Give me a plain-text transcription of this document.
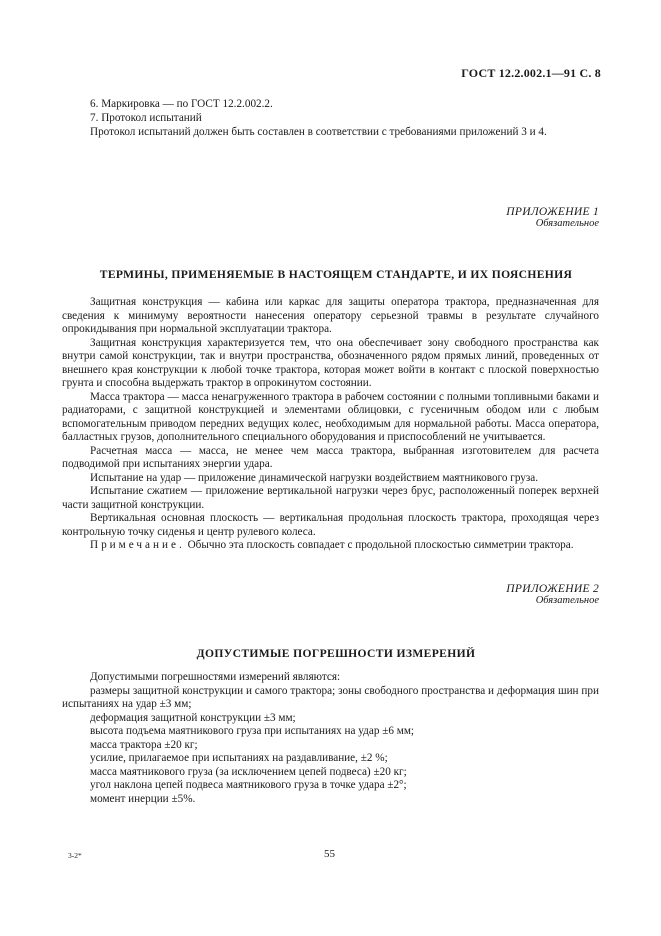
ГОСТ 12.2.002.1—91 С. 8
6. Маркировка — по ГОСТ 12.2.002.2.
7. Протокол испытаний
Протокол испытаний должен быть составлен в соответствии с требованиями приложений 3 и 4.
ПРИЛОЖЕНИЕ 1
Обязательное
ТЕРМИНЫ, ПРИМЕНЯЕМЫЕ В НАСТОЯЩЕМ СТАНДАРТЕ, И ИХ ПОЯСНЕНИЯ

Защитная конструкция — кабина или каркас для защиты оператора трактора, предназначенная для сведения к минимуму вероятности нанесения оператору серьезной травмы в результате случайного опрокидывания при нормальной эксплуатации трактора.

Защитная конструкция характеризуется тем, что она обеспечивает зону свободного пространства как внутри самой конструкции, так и внутри пространства, обозначенного рядом прямых линий, проведенных от внешнего края конструкции к любой точке трактора, которая может войти в контакт с плоской поверхностью грунта и способна выдержать трактор в опрокинутом состоянии.

Масса трактора — масса ненагруженного трактора в рабочем состоянии с полными топливными баками и радиаторами, с защитной конструкцией и элементами облицовки, с гусеничным ободом или с любым вспомогательным приводом передних ведущих колес, необходимым для нормальной работы. Масса оператора, балластных грузов, дополнительного специального оборудования и приспособлений не учитывается.

Расчетная масса — масса, не менее чем масса трактора, выбранная изготовителем для расчета подводимой при испытаниях энергии удара.

Испытание на удар — приложение динамической нагрузки воздействием маятникового груза.

Испытание сжатием — приложение вертикальной нагрузки через брус, расположенный поперек верхней части защитной конструкции.

Вертикальная основная плоскость — вертикальная продольная плоскость трактора, проходящая через контрольную точку сиденья и центр рулевого колеса.

Примечание. Обычно эта плоскость совпадает с продольной плоскостью симметрии трактора.

ПРИЛОЖЕНИЕ 2
Обязательное
ДОПУСТИМЫЕ ПОГРЕШНОСТИ ИЗМЕРЕНИЙ

Допустимыми погрешностями измерений являются:

размеры защитной конструкции и самого трактора; зоны свободного пространства и деформация шин при испытаниях на удар ±3 мм;

деформация защитной конструкции ±3 мм;

высота подъема маятникового груза при испытаниях на удар ±6 мм;

масса трактора ±20 кг;

усилие, прилагаемое при испытаниях на раздавливание, ±2 %;

масса маятникового груза (за исключением цепей подвеса) ±20 кг;

угол наклона цепей подвеса маятникового груза в точке удара ±2°;

момент инерции ±5%.

3-2*	55
